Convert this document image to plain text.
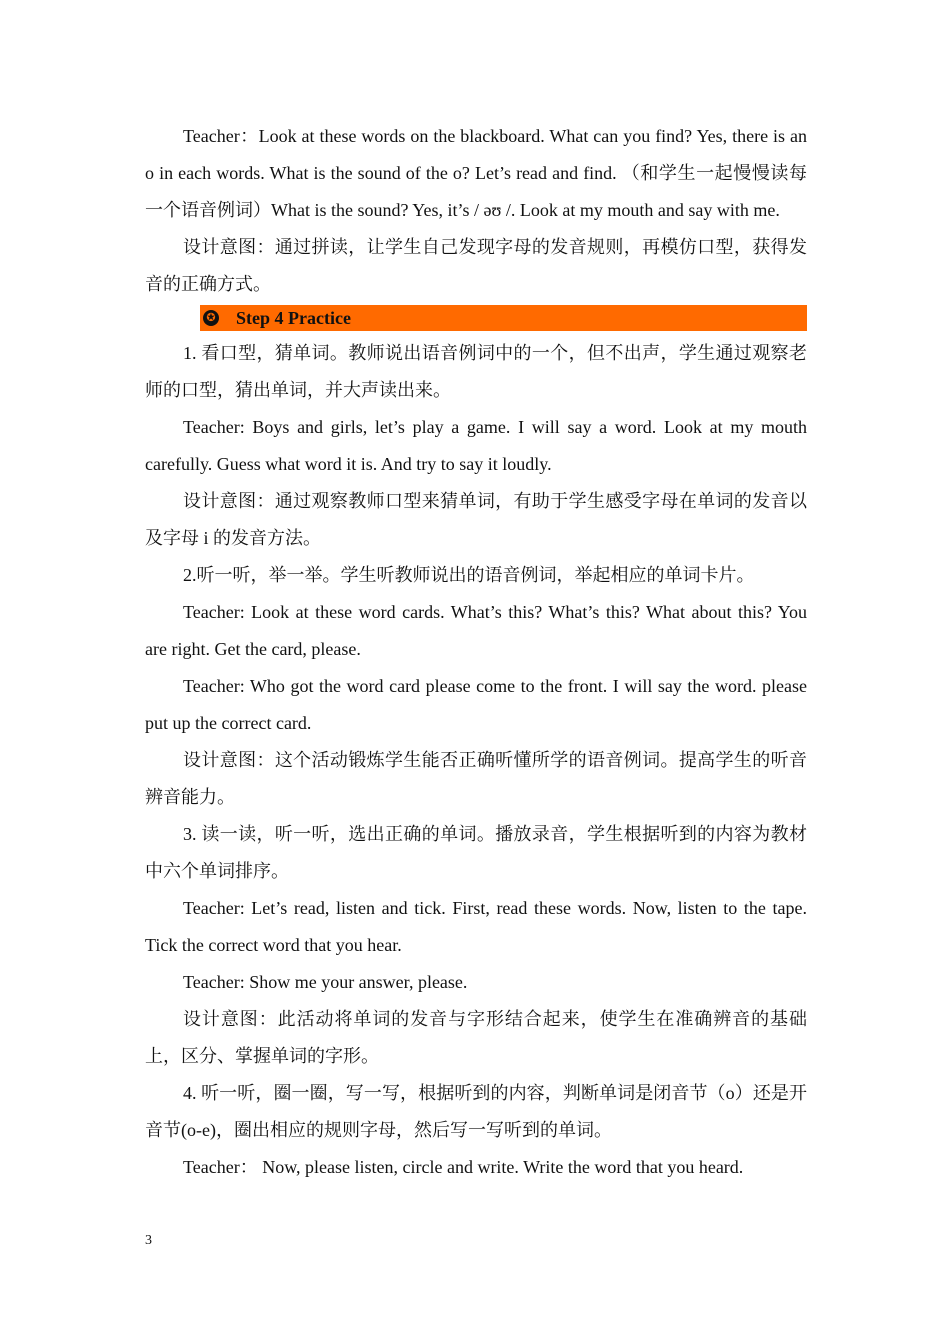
Teacher：Look at these words on the blackboard. What can you find? Yes, there is an o in each words. What is the sound of the o? Let’s read and find. （和学生一起慢慢读每一个语音例词）What is the sound? Yes, it’s / əʊ /. Look at my mouth and say with me.

设计意图：通过拼读，让学生自己发现字母的发音规则，再模仿口型，获得发音的正确方式。

✪ Step 4 Practice

1. 看口型，猜单词。教师说出语音例词中的一个，但不出声，学生通过观察老师的口型，猜出单词，并大声读出来。

Teacher: Boys and girls, let’s play a game. I will say a word. Look at my mouth carefully. Guess what word it is. And try to say it loudly.

设计意图：通过观察教师口型来猜单词，有助于学生感受字母在单词的发音以及字母 i 的发音方法。

2.听一听，举一举。学生听教师说出的语音例词，举起相应的单词卡片。

Teacher: Look at these word cards. What’s this? What’s this? What about this? You are right. Get the card, please.

Teacher: Who got the word card please come to the front. I will say the word. please put up the correct card.

设计意图：这个活动锻炼学生能否正确听懂所学的语音例词。提高学生的听音辨音能力。

3. 读一读，听一听，选出正确的单词。播放录音，学生根据听到的内容为教材中六个单词排序。

Teacher: Let’s read, listen and tick. First, read these words. Now, listen to the tape. Tick the correct word that you hear.

Teacher: Show me your answer, please.

设计意图：此活动将单词的发音与字形结合起来，使学生在准确辨音的基础上，区分、掌握单词的字形。

4. 听一听，圈一圈，写一写，根据听到的内容，判断单词是闭音节（o）还是开音节(o-e)，圈出相应的规则字母，然后写一写听到的单词。

Teacher： Now, please listen, circle and write. Write the word that you heard.

3
